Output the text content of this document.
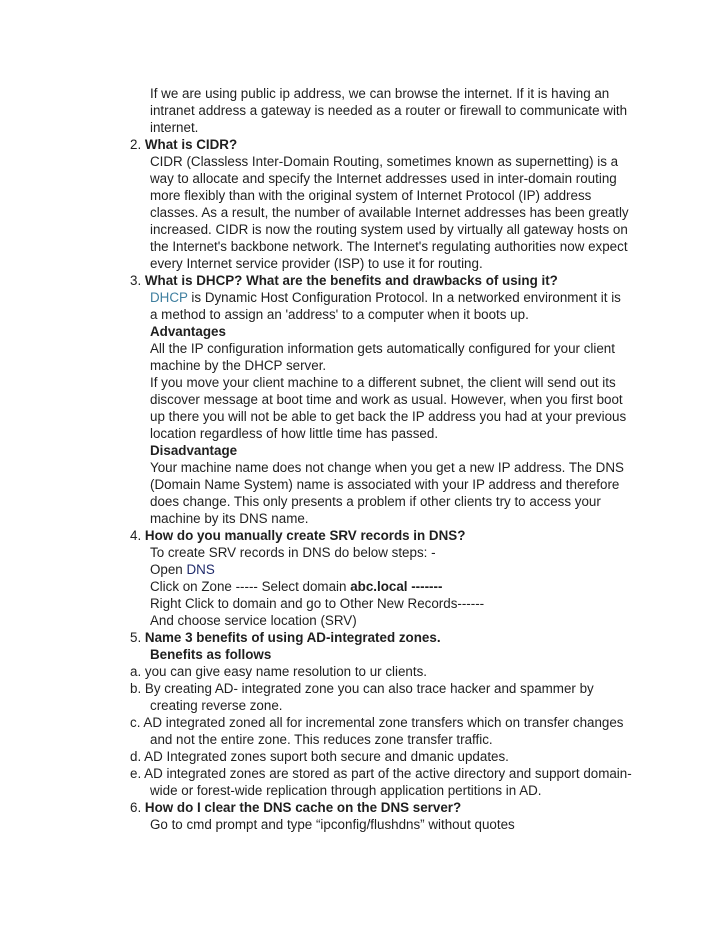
If we are using public ip address, we can browse the internet. If it is having an
intranet address a gateway is needed as a router or firewall to communicate with
internet.
2. What is CIDR?
CIDR (Classless Inter-Domain Routing, sometimes known as supernetting) is a
way to allocate and specify the Internet addresses used in inter-domain routing
more flexibly than with the original system of Internet Protocol (IP) address
classes. As a result, the number of available Internet addresses has been greatly
increased. CIDR is now the routing system used by virtually all gateway hosts on
the Internet's backbone network. The Internet's regulating authorities now expect
every Internet service provider (ISP) to use it for routing.
3. What is DHCP? What are the benefits and drawbacks of using it?
DHCP is Dynamic Host Configuration Protocol. In a networked environment it is
a method to assign an 'address' to a computer when it boots up.
Advantages
All the IP configuration information gets automatically configured for your client
machine by the DHCP server.
If you move your client machine to a different subnet, the client will send out its
discover message at boot time and work as usual. However, when you first boot
up there you will not be able to get back the IP address you had at your previous
location regardless of how little time has passed.
Disadvantage
Your machine name does not change when you get a new IP address. The DNS
(Domain Name System) name is associated with your IP address and therefore
does change. This only presents a problem if other clients try to access your
machine by its DNS name.
4. How do you manually create SRV records in DNS?
To create SRV records in DNS do below steps: -
Open DNS
Click on Zone ----- Select domain abc.local -------
Right Click to domain and go to Other New Records------
And choose service location (SRV)
5. Name 3 benefits of using AD-integrated zones.
Benefits as follows
a. you can give easy name resolution to ur clients.
b. By creating AD- integrated zone you can also trace hacker and spammer by
creating reverse zone.
c. AD integrated zoned all for incremental zone transfers which on transfer changes
and not the entire zone. This reduces zone transfer traffic.
d. AD Integrated zones suport both secure and dmanic updates.
e. AD integrated zones are stored as part of the active directory and support domain-
wide or forest-wide replication through application pertitions in AD.
6. How do I clear the DNS cache on the DNS server?
Go to cmd prompt and type “ipconfig/flushdns” without quotes
